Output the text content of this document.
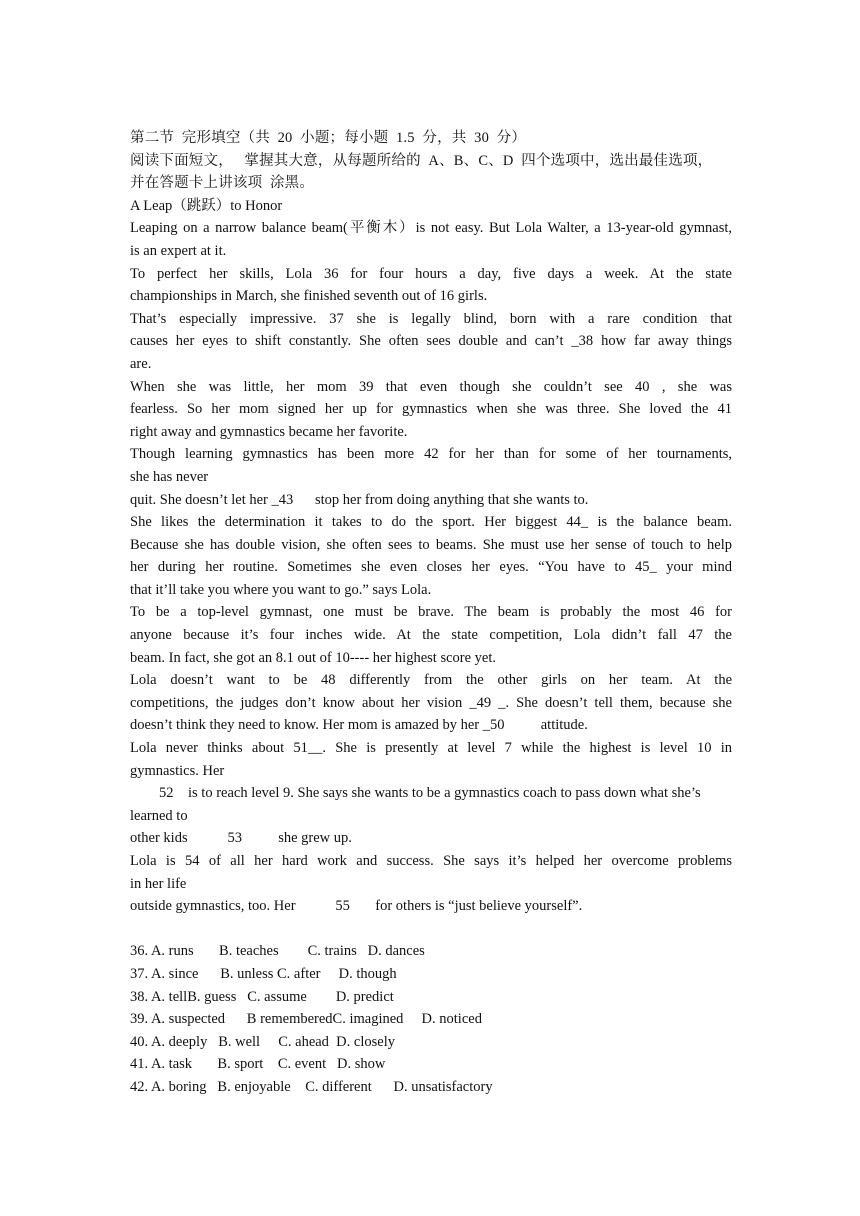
第二节  完形填空（共  20  小题；每小题  1.5  分，共  30  分）
阅读下面短文，   掌握其大意，从每题所给的  A、B、C、D  四个选项中，选出最佳选项，
并在答题卡上讲该项  涂黑。
A Leap（跳跃）to Honor
Leaping on a narrow balance beam(平衡木）is not easy. But Lola Walter, a 13-year-old gymnast,
is an expert at it.
To perfect her skills, Lola 36 for four hours a day, five days a week. At the state
championships in March, she finished seventh out of 16 girls.
That’s especially impressive. 37 she is legally blind, born with a rare condition that
causes her eyes to shift constantly. She often sees double and can’t _38 how far away things
are.
When she was little, her mom 39 that even though she couldn’t see 40 , she was
fearless. So her mom signed her up for gymnastics when she was three. She loved the 41
right away and gymnastics became her favorite.
Though learning gymnastics has been more 42 for her than for some of her tournaments,
she has never
quit. She doesn’t let her _43      stop her from doing anything that she wants to.
She likes the determination it takes to do the sport. Her biggest 44_ is the balance beam.
Because she has double vision, she often sees to beams. She must use her sense of touch to help
her during her routine. Sometimes she even closes her eyes. “You have to 45_ your mind
that it’ll take you where you want to go.” says Lola.
To be a top-level gymnast, one must be brave. The beam is probably the most 46 for
anyone because it’s four inches wide. At the state competition, Lola didn’t fall 47 the
beam. In fact, she got an 8.1 out of 10---- her highest score yet.
Lola doesn’t want to be 48 differently from the other girls on her team. At the
competitions, the judges don’t know about her vision _49 _. She doesn’t tell them, because she
doesn’t think they need to know. Her mom is amazed by her _50          attitude.
Lola never thinks about 51__. She is presently at level 7 while the highest is level 10 in
gymnastics. Her
52    is to reach level 9. She says she wants to be a gymnastics coach to pass down what she’s
learned to
other kids           53          she grew up.
Lola is 54 of all her hard work and success. She says it’s helped her overcome problems
in her life
outside gymnastics, too. Her           55       for others is “just believe yourself”.
36. A. runs       B. teaches        C. trains   D. dances
37. A. since      B. unless C. after     D. though
38. A. tellB. guess   C. assume        D. predict
39. A. suspected      B rememberedC. imagined     D. noticed
40. A. deeply   B. well     C. ahead  D. closely
41. A. task       B. sport    C. event   D. show
42. A. boring   B. enjoyable    C. different      D. unsatisfactory
